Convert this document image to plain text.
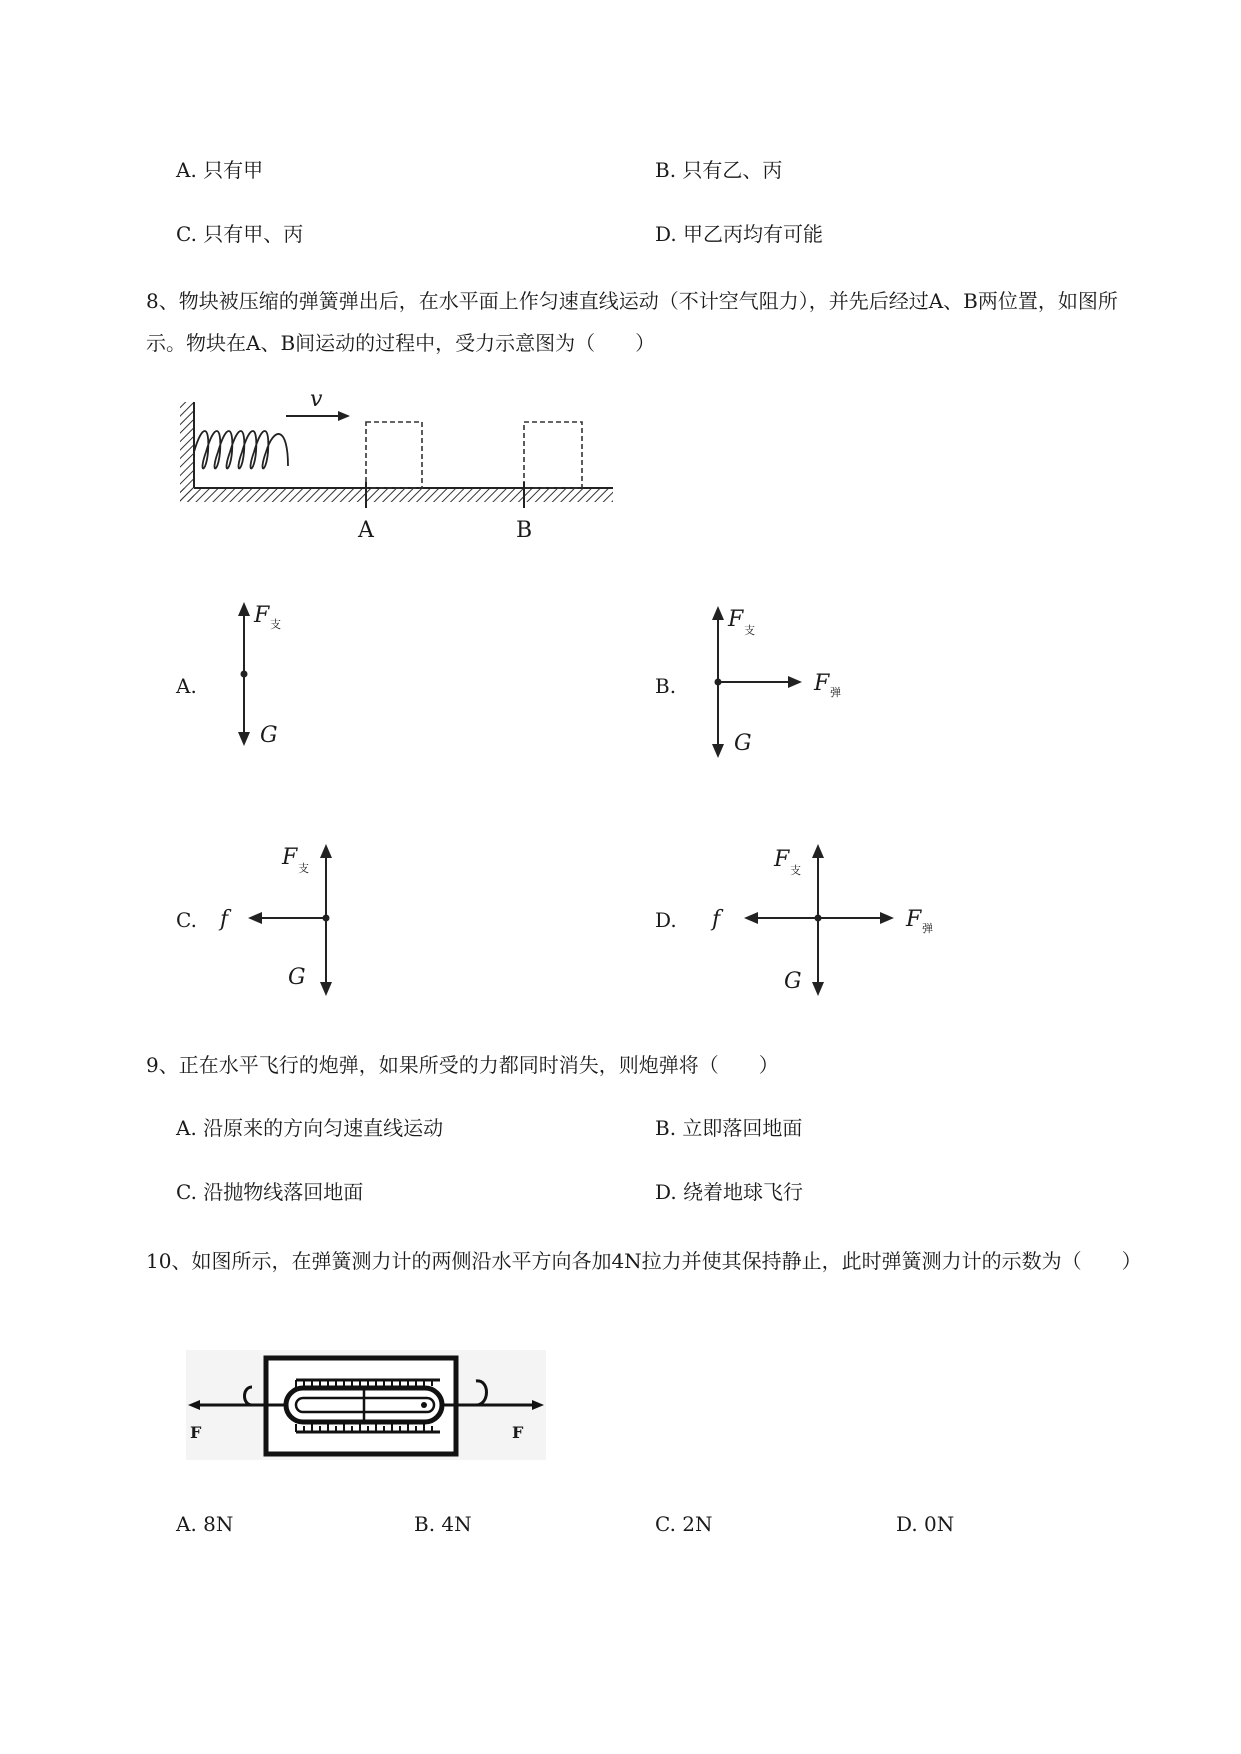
A. 只有甲	B. 只有乙、丙
C. 只有甲、丙	D. 甲乙丙均有可能
8、物块被压缩的弹簧弹出后，在水平面上作匀速直线运动（不计空气阻力），并先后经过A、B两位置，如图所示。物块在A、B间运动的过程中，受力示意图为（　　）
v
A	B
A.
F 支
G
B.
F 支
F 弹
G
C.
F 支
f
G
D.
F 支
f	F 弹
G
9、正在水平飞行的炮弹，如果所受的力都同时消失，则炮弹将（　　）
A. 沿原来的方向匀速直线运动	B. 立即落回地面
C. 沿抛物线落回地面	D. 绕着地球飞行
10、如图所示，在弹簧测力计的两侧沿水平方向各加4N拉力并使其保持静止，此时弹簧测力计的示数为（　　）
F	F
A. 8N	B. 4N	C. 2N	D. 0N
